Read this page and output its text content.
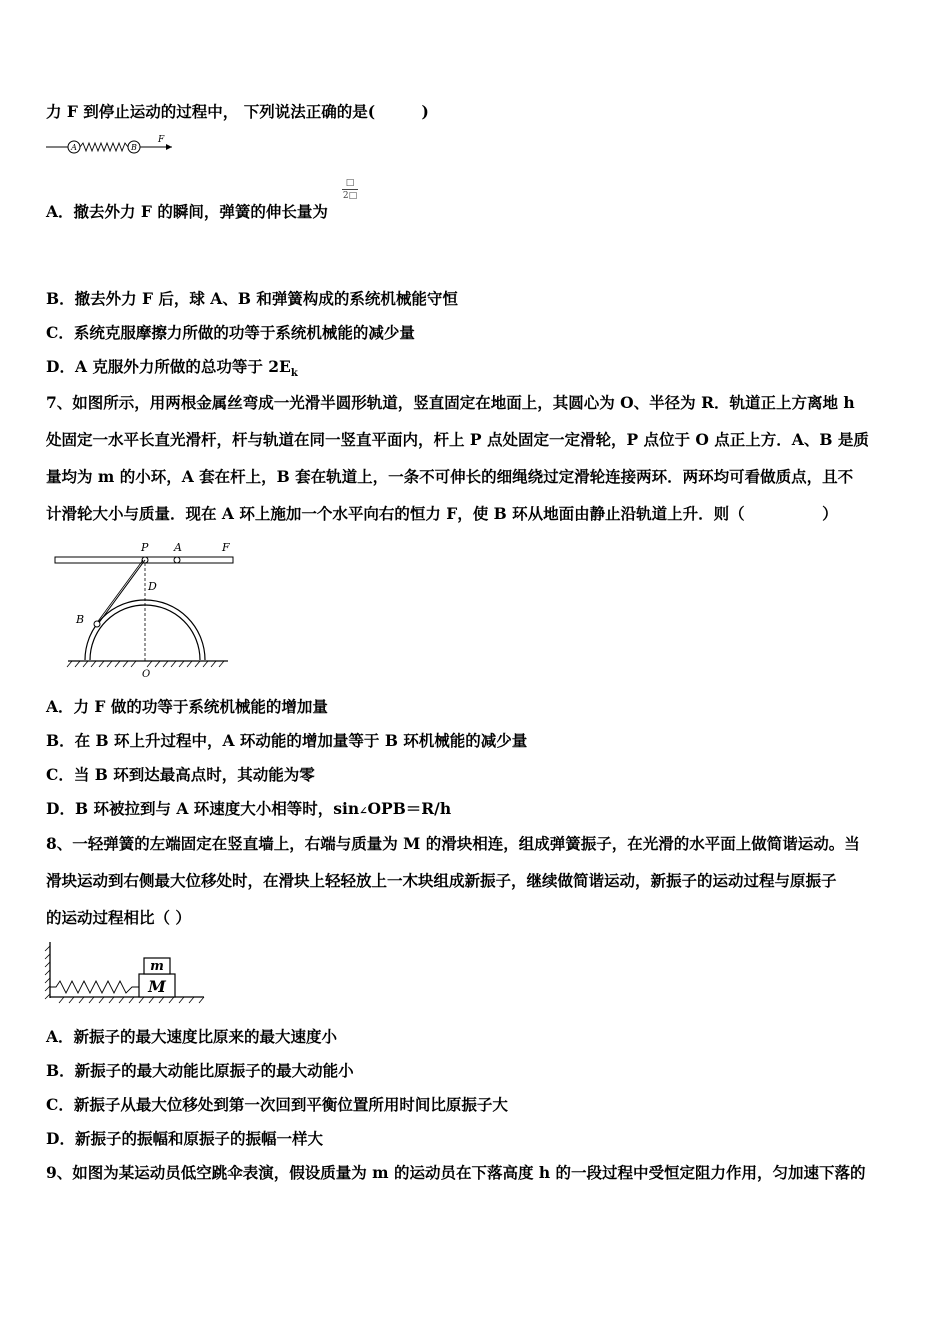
力 F 到停止运动的过程中， 下列说法正确的是(　　　)
A	B
F
A．撤去外力 F 的瞬间，弹簧的伸长量为
□
2□
B．撤去外力 F 后，球 A、B 和弹簧构成的系统机械能守恒
C．系统克服摩擦力所做的功等于系统机械能的减少量
D．A 克服外力所做的总功等于 $2E_k$
7、如图所示，用两根金属丝弯成一光滑半圆形轨道，竖直固定在地面上，其圆心为 O、半径为 R．轨道正上方离地 h
处固定一水平长直光滑杆，杆与轨道在同一竖直平面内，杆上 P 点处固定一定滑轮，P 点位于 O 点正上方．A、B 是质
量均为 m 的小环，A 套在杆上，B 套在轨道上，一条不可伸长的细绳绕过定滑轮连接两环．两环均可看做质点，且不
计滑轮大小与质量．现在 A 环上施加一个水平向右的恒力 F，使 B 环从地面由静止沿轨道上升．则（　　　　　）
P A	F
D
B
O
A．力 F 做的功等于系统机械能的增加量
B．在 B 环上升过程中，A 环动能的增加量等于 B 环机械能的减少量
C．当 B 环到达最高点时，其动能为零
D．B 环被拉到与 A 环速度大小相等时，sin∠OPB＝R/h
8、一轻弹簧的左端固定在竖直墙上，右端与质量为 M 的滑块相连，组成弹簧振子，在光滑的水平面上做简谐运动。当
滑块运动到右侧最大位移处时，在滑块上轻轻放上一木块组成新振子，继续做简谐运动，新振子的运动过程与原振子
的运动过程相比（ ）
M
m
A．新振子的最大速度比原来的最大速度小
B．新振子的最大动能比原振子的最大动能小
C．新振子从最大位移处到第一次回到平衡位置所用时间比原振子大
D．新振子的振幅和原振子的振幅一样大
9、如图为某运动员低空跳伞表演，假设质量为 m 的运动员在下落高度 h 的一段过程中受恒定阻力作用，匀加速下落的
